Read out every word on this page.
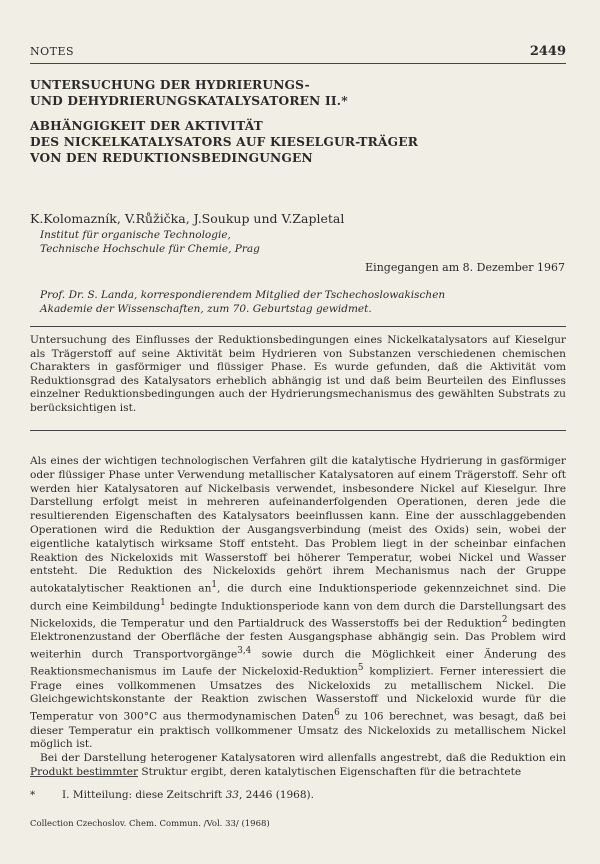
NOTES	2449
UNTERSUCHUNG DER HYDRIERUNGS-
UND DEHYDRIERUNGSKATALYSATOREN II.*
ABHÄNGIGKEIT DER AKTIVITÄT
DES NICKELKATALYSATORS AUF KIESELGUR-TRÄGER
VON DEN REDUKTIONSBEDINGUNGEN
K.Kolomazník, V.Růžička, J.Soukup und V.Zapletal
Institut für organische Technologie,
Technische Hochschule für Chemie, Prag
Eingegangen am 8. Dezember 1967
Prof. Dr. S. Landa, korrespondierendem Mitglied der Tschechoslowakischen
Akademie der Wissenschaften, zum 70. Geburtstag gewidmet.

Untersuchung des Einflusses der Reduktionsbedingungen eines Nickelkatalysators auf Kieselgur als Trägerstoff auf seine Aktivität beim Hydrieren von Substanzen verschiedenen chemischen Charakters in gasförmiger und flüssiger Phase. Es wurde gefunden, daß die Aktivität vom Reduktionsgrad des Katalysators erheblich abhängig ist und daß beim Beurteilen des Einflusses einzelner Reduktionsbedingungen auch der Hydrierungsmechanismus des gewählten Substrats zu berücksichtigen ist.

Als eines der wichtigen technologischen Verfahren gilt die katalytische Hydrierung in gasförmiger oder flüssiger Phase unter Verwendung metallischer Katalysatoren auf einem Trägerstoff. Sehr oft werden hier Katalysatoren auf Nickelbasis verwendet, insbesondere Nickel auf Kieselgur. Ihre Darstellung erfolgt meist in mehreren aufeinanderfolgenden Operationen, deren jede die resultierenden Eigenschaften des Katalysators beeinflussen kann. Eine der ausschlaggebenden Operationen wird die Reduktion der Ausgangsverbindung (meist des Oxids) sein, wobei der eigentliche katalytisch wirksame Stoff entsteht. Das Problem liegt in der scheinbar einfachen Reaktion des Nickeloxids mit Wasserstoff bei höherer Temperatur, wobei Nickel und Wasser entsteht. Die Reduktion des Nickeloxids gehört ihrem Mechanismus nach der Gruppe autokatalytischer Reaktionen $an^1$, die durch eine Induktionsperiode gekennzeichnet sind. Die durch eine Keimbildung$^1$ bedingte Induktionsperiode kann von dem durch die Darstellungsart des Nickeloxids, die Temperatur und den Partialdruck des Wasserstoffs bei der Reduktion$^2$ bedingten Elektronenzustand der Oberfläche der festen Ausgangsphase abhängig sein. Das Problem wird weiterhin durch Transportvorgänge$^{3,4}$ sowie durch die Möglichkeit einer Änderung des Reaktionsmechanismus im Laufe der Nickeloxid-Reduktion$^5$ kompliziert. Ferner interessiert die Frage eines vollkommenen Umsatzes des Nickeloxids zu metallischem Nickel. Die Gleichgewichtskonstante der Reaktion zwischen Wasserstoff und Nickeloxid wurde für die Temperatur von 300°C aus thermodynamischen Daten$^6$ zu 106 berechnet, was besagt, daß bei dieser Temperatur ein praktisch vollkommener Umsatz des Nickeloxids zu metallischem Nickel möglich ist.

Bei der Darstellung heterogener Katalysatoren wird allenfalls angestrebt, daß die Reduktion ein Produkt bestimmter Struktur ergibt, deren katalytischen Eigenschaften für die betrachtete

*	I. Mitteilung: diese Zeitschrift 33, 2446 (1968).
Collection Czechoslov. Chem. Commun. /Vol. 33/ (1968)
